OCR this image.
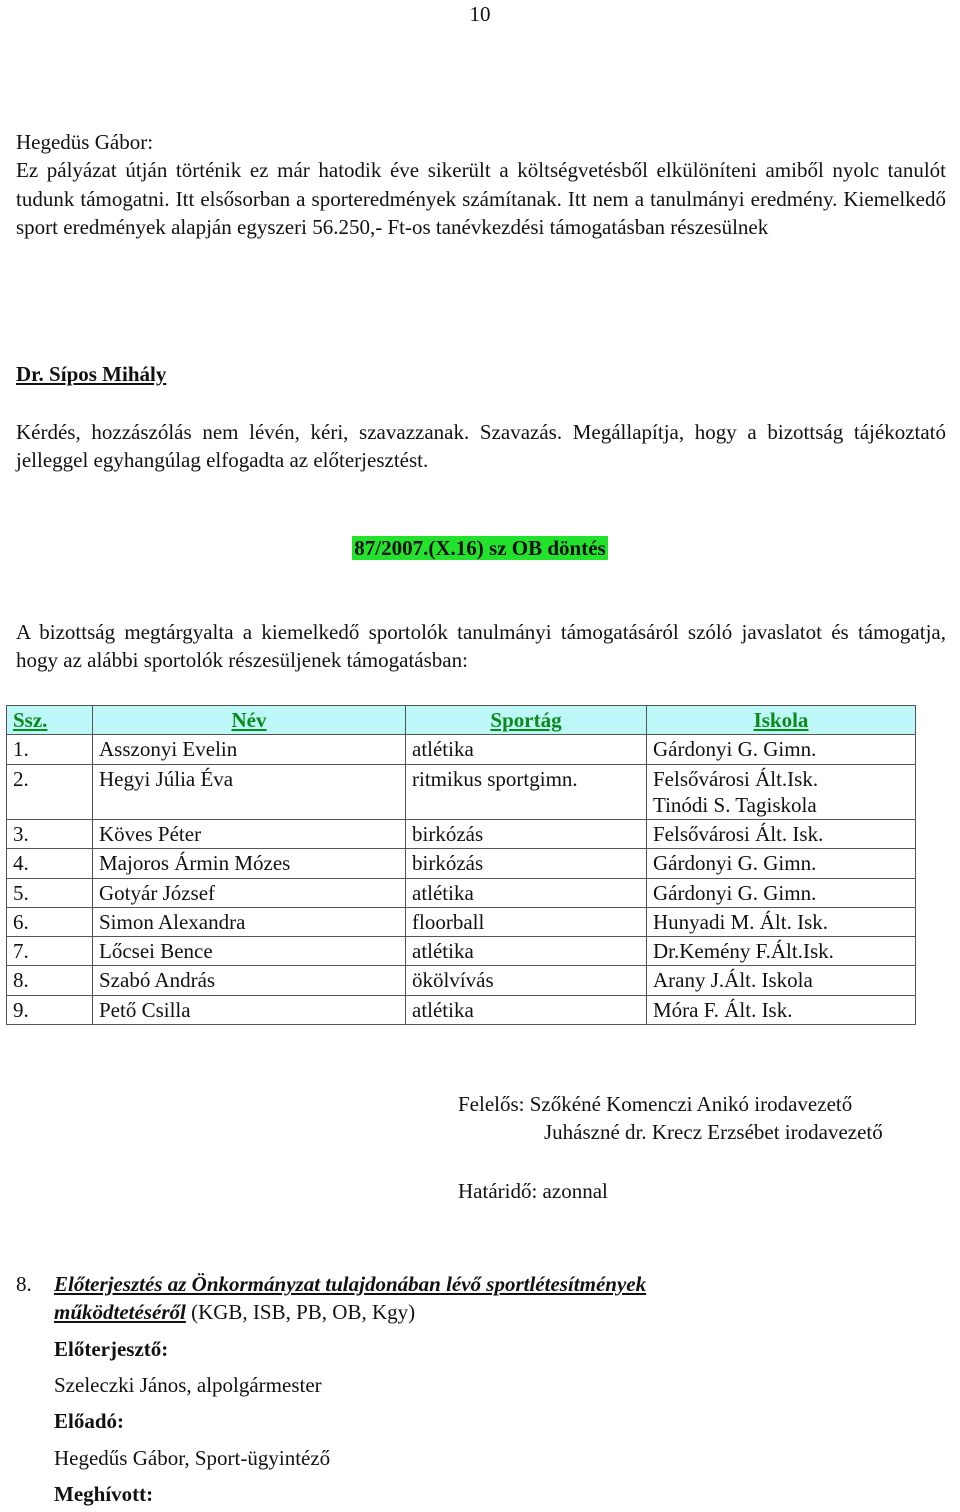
10
Hegedüs Gábor:
Ez pályázat útján történik ez már hatodik éve sikerült a költségvetésből elkülöníteni amiből nyolc tanulót tudunk támogatni. Itt elsősorban a sporteredmények számítanak. Itt nem a tanulmányi eredmény. Kiemelkedő sport eredmények alapján egyszeri 56.250,- Ft-os tanévkezdési támogatásban részesülnek
Dr. Sípos Mihály
Kérdés, hozzászólás nem lévén, kéri, szavazzanak. Szavazás. Megállapítja, hogy a bizottság tájékoztató jelleggel egyhangúlag elfogadta az előterjesztést.
87/2007.(X.16) sz OB döntés
A bizottság megtárgyalta a kiemelkedő sportolók tanulmányi támogatásáról szóló javaslatot és támogatja, hogy az alábbi sportolók részesüljenek támogatásban:
Ssz.	Név	Sportág	Iskola
1.	Asszonyi Evelin	atlétika	Gárdonyi G. Gimn.
2.	Hegyi Júlia Éva	ritmikus sportgimn.	Felsővárosi Ált.Isk.
Tinódi S. Tagiskola

3.	Köves Péter	birkózás	Felsővárosi Ált. Isk.
4.	Majoros Ármin Mózes	birkózás	Gárdonyi G. Gimn.
5.	Gotyár József	atlétika	Gárdonyi G. Gimn.
6.	Simon Alexandra	floorball	Hunyadi M. Ált. Isk.
7.	Lőcsei Bence	atlétika	Dr.Kemény F.Ált.Isk.
8.	Szabó András	ökölvívás	Arany J.Ált. Iskola
9.	Pető Csilla	atlétika	Móra F. Ált. Isk.
Felelős: Szőkéné Komenczi Anikó irodavezető
Juhászné dr. Krecz Erzsébet irodavezető
Határidő: azonnal
8.	Előterjesztés az Önkormányzat tulajdonában lévő sportlétesítmények
működtetéséről (KGB, ISB, PB, OB, Kgy)
Előterjesztő:
Szeleczki János, alpolgármester
Előadó:
Hegedűs Gábor, Sport-ügyintéző
Meghívott:
